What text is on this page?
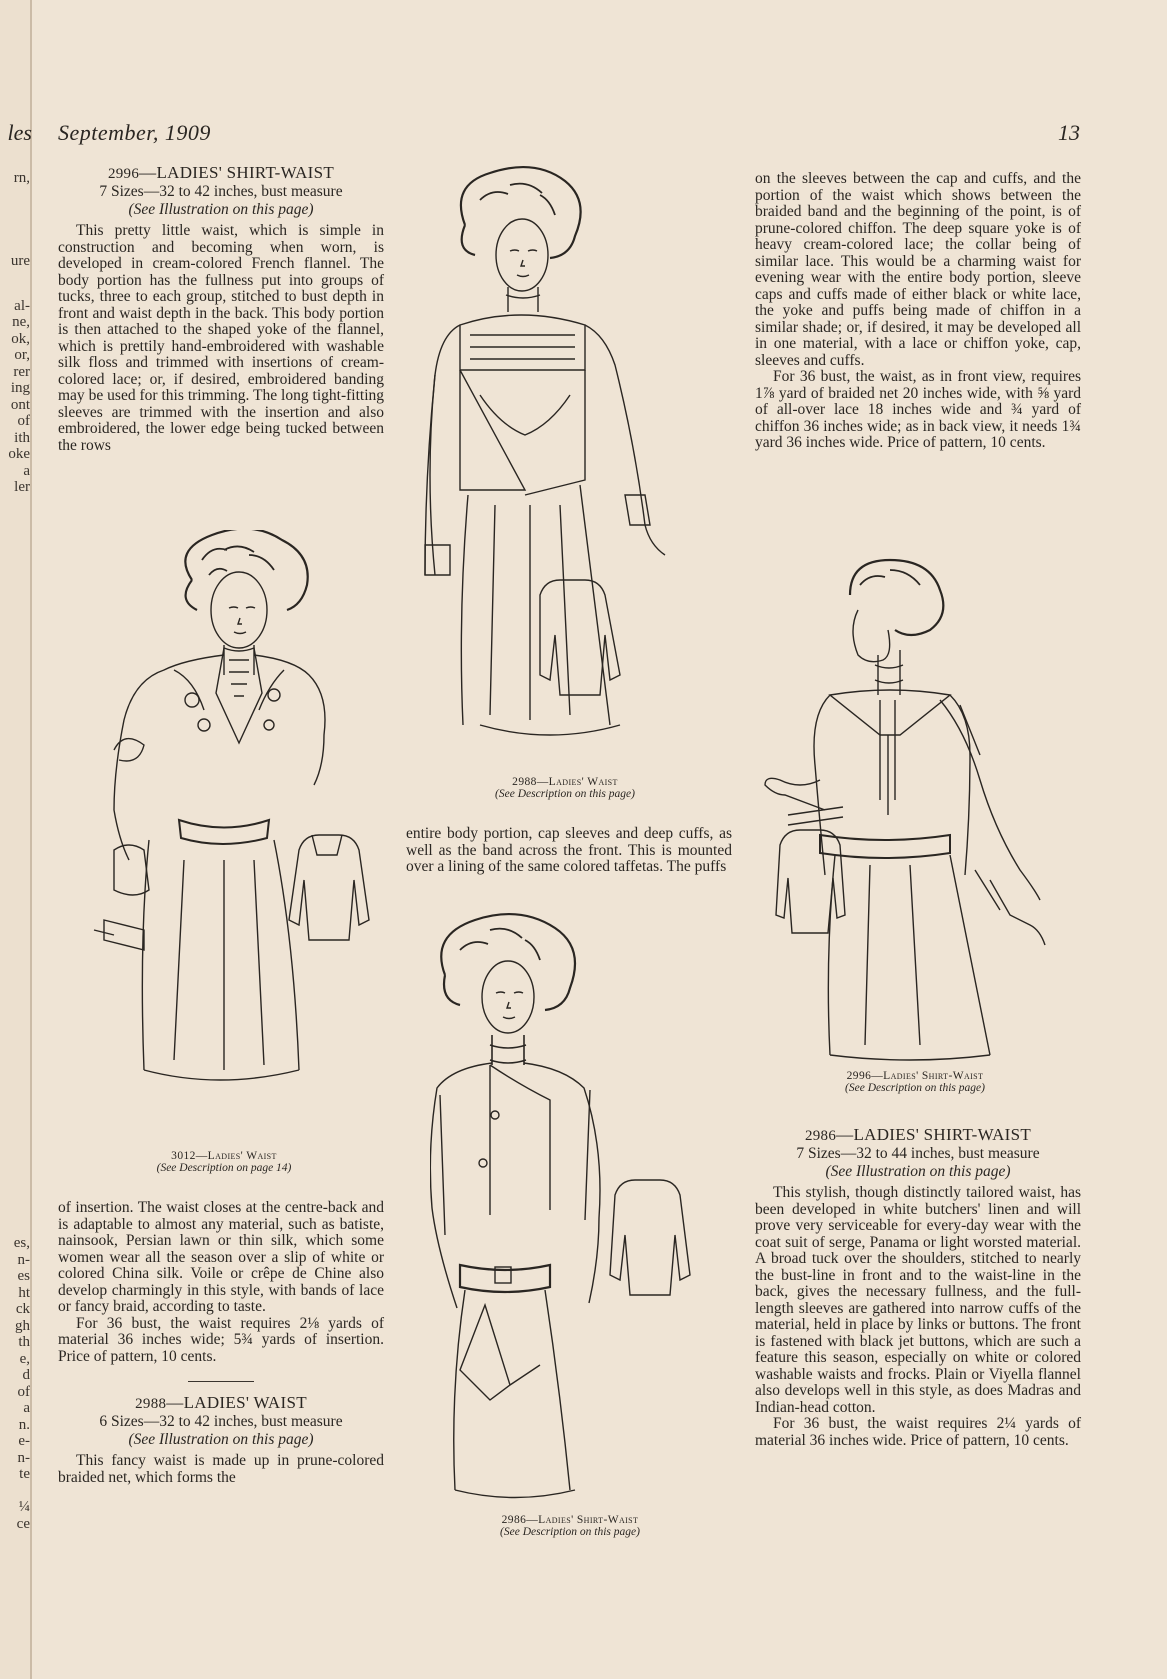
rn,
ure
al-
ne,
ok,
or,
rer
ing
ont
of
ith
oke
a
ler
es,
n-
es
ht
ck
gh
th
e,
d
of
a
n.
e-
n-
te
¼
ce
les September, 1909	13
2996—LADIES' SHIRT-WAIST
7 Sizes—32 to 42 inches, bust measure
(See Illustration on this page)

This pretty little waist, which is simple in construction and becoming when worn, is developed in cream-colored French flannel. The body portion has the fullness put into groups of tucks, three to each group, stitched to bust depth in front and waist depth in the back. This body portion is then attached to the shaped yoke of the flannel, which is prettily hand-embroidered with washable silk floss and trimmed with insertions of cream-colored lace; or, if desired, embroidered banding may be used for this trimming. The long tight-fitting sleeves are trimmed with the insertion and also embroidered, the lower edge being tucked between the rows

3012—Ladies' Waist
(See Description on page 14)

of insertion. The waist closes at the centre-back and is adaptable to almost any material, such as batiste, nainsook, Persian lawn or thin silk, which some women wear all the season over a slip of white or colored China silk. Voile or crêpe de Chine also develop charmingly in this style, with bands of lace or fancy braid, according to taste.

For 36 bust, the waist requires 2⅛ yards of material 36 inches wide; 5¾ yards of insertion. Price of pattern, 10 cents.

2988—LADIES' WAIST
6 Sizes—32 to 42 inches, bust measure
(See Illustration on this page)

This fancy waist is made up in prune-colored braided net, which forms the

2988—Ladies' Waist
(See Description on this page)

entire body portion, cap sleeves and deep cuffs, as well as the band across the front. This is mounted over a lining of the same colored taffetas. The puffs

2986—Ladies' Shirt-Waist
(See Description on this page)

on the sleeves between the cap and cuffs, and the portion of the waist which shows between the braided band and the beginning of the point, is of prune-colored chiffon. The deep square yoke is of heavy cream-colored lace; the collar being of similar lace. This would be a charming waist for evening wear with the entire body portion, sleeve caps and cuffs made of either black or white lace, the yoke and puffs being made of chiffon in a similar shade; or, if desired, it may be developed all in one material, with a lace or chiffon yoke, cap, sleeves and cuffs.

For 36 bust, the waist, as in front view, requires 1⅞ yard of braided net 20 inches wide, with ⅝ yard of all-over lace 18 inches wide and ¾ yard of chiffon 36 inches wide; as in back view, it needs 1¾ yard 36 inches wide. Price of pattern, 10 cents.

2996—Ladies' Shirt-Waist
(See Description on this page)
2986—LADIES' SHIRT-WAIST
7 Sizes—32 to 44 inches, bust measure
(See Illustration on this page)

This stylish, though distinctly tailored waist, has been developed in white butchers' linen and will prove very serviceable for every-day wear with the coat suit of serge, Panama or light worsted material. A broad tuck over the shoulders, stitched to nearly the bust-line in front and to the waist-line in the back, gives the necessary fullness, and the full-length sleeves are gathered into narrow cuffs of the material, held in place by links or buttons. The front is fastened with black jet buttons, which are such a feature this season, especially on white or colored washable waists and frocks. Plain or Viyella flannel also develops well in this style, as does Madras and Indian-head cotton.

For 36 bust, the waist requires 2¼ yards of material 36 inches wide. Price of pattern, 10 cents.
